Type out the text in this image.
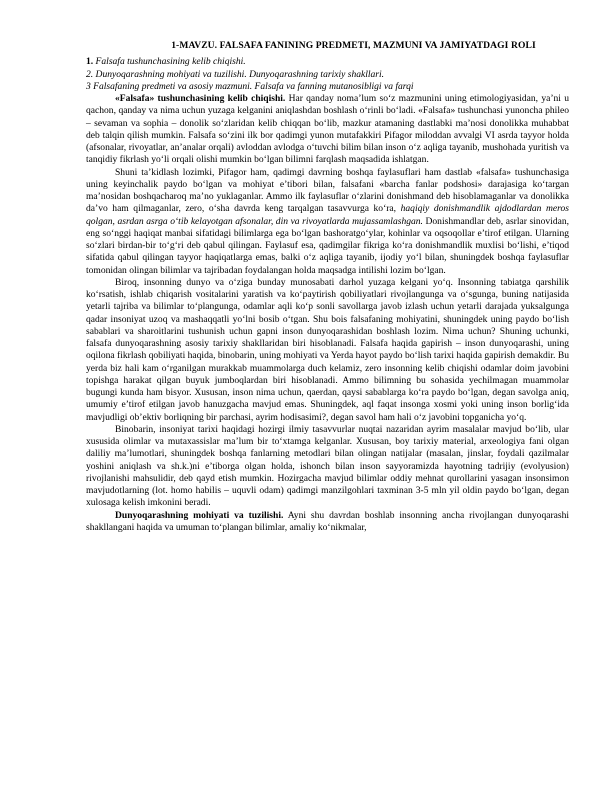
1-MAVZU. FALSAFA FANINING PREDMETI, MAZMUNI VA JAMIYATDAGI ROLI

1. Falsafa tushunchasining kelib chiqishi.

2. Dunyoqarashning mohiyati va tuzilishi. Dunyoqarashning tarixiy shakllari.

3 Falsafaning predmeti va asosiy mazmuni. Falsafa va fanning mutanosibligi va farqi

«Falsafa» tushunchasining kelib chiqishi. Har qanday noma’lum so‘z mazmunini uning etimologiyasidan, ya’ni u qachon, qanday va nima uchun yuzaga kelganini aniqlashdan boshlash o‘rinli bo‘ladi. «Falsafa» tushunchasi yunoncha phileo – sevaman va sophia – donolik so‘zlaridan kelib chiqqan bo‘lib, mazkur atamaning dastlabki ma’nosi donolikka muhabbat deb talqin qilish mumkin. Falsafa so‘zini ilk bor qadimgi yunon mutafakkiri Pifagor miloddan avvalgi VI asrda tayyor holda (afsonalar, rivoyatlar, an’analar orqali) avloddan avlodga o‘tuvchi bilim bilan inson o‘z aqliga tayanib, mushohada yuritish va tanqidiy fikrlash yo‘li orqali olishi mumkin bo‘lgan bilimni farqlash maqsadida ishlatgan.

Shuni ta’kidlash lozimki, Pifagor ham, qadimgi davrning boshqa faylasuflari ham dastlab «falsafa» tushunchasiga uning keyinchalik paydo bo‘lgan va mohiyat e’tibori bilan, falsafani «barcha fanlar podshosi» darajasiga ko‘targan ma’nosidan boshqacharoq ma’no yuklaganlar. Ammo ilk faylasuflar o‘zlarini donishmand deb hisoblamaganlar va donolikka da’vo ham qilmaganlar, zero, o‘sha davrda keng tarqalgan tasavvurga ko‘ra, haqiqiy donishmandlik ajdodlardan meros qolgan, asrdan asrga o‘tib kelayotgan afsonalar, din va rivoyatlarda mujassamlashgan. Donishmandlar deb, asrlar sinovidan, eng so‘nggi haqiqat manbai sifatidagi bilimlarga ega bo‘lgan bashoratgo‘ylar, kohinlar va oqsoqollar e’tirof etilgan. Ularning so‘zlari birdan-bir to‘g‘ri deb qabul qilingan. Faylasuf esa, qadimgilar fikriga ko‘ra donishmandlik muxlisi bo‘lishi, e’tiqod sifatida qabul qilingan tayyor haqiqatlarga emas, balki o‘z aqliga tayanib, ijodiy yo‘l bilan, shuningdek boshqa faylasuflar tomonidan olingan bilimlar va tajribadan foydalangan holda maqsadga intilishi lozim bo‘lgan.

Biroq, insonning dunyo va o‘ziga bunday munosabati darhol yuzaga kelgani yo‘q. Insonning tabiatga qarshilik ko‘rsatish, ishlab chiqarish vositalarini yaratish va ko‘paytirish qobiliyatlari rivojlangunga va o‘sgunga, buning natijasida yetarli tajriba va bilimlar to‘plangunga, odamlar aqli ko‘p sonli savollarga javob izlash uchun yetarli darajada yuksalgunga qadar insoniyat uzoq va mashaqqatli yo‘lni bosib o‘tgan. Shu bois falsafaning mohiyatini, shuningdek uning paydo bo‘lish sabablari va sharoitlarini tushunish uchun gapni inson dunyoqarashidan boshlash lozim. Nima uchun? Shuning uchunki, falsafa dunyoqarashning asosiy tarixiy shakllaridan biri hisoblanadi. Falsafa haqida gapirish – inson dunyoqarashi, uning oqilona fikrlash qobiliyati haqida, binobarin, uning mohiyati va Yerda hayot paydo bo‘lish tarixi haqida gapirish demakdir. Bu yerda biz hali kam o‘rganilgan murakkab muammolarga duch kelamiz, zero insonning kelib chiqishi odamlar doim javobini topishga harakat qilgan buyuk jumboqlardan biri hisoblanadi. Ammo bilimning bu sohasida yechilmagan muammolar bugungi kunda ham bisyor. Xususan, inson nima uchun, qaerdan, qaysi sabablarga ko‘ra paydo bo‘lgan, degan savolga aniq, umumiy e’tirof etilgan javob hanuzgacha mavjud emas. Shuningdek, aql faqat insonga xosmi yoki uning inson borlig‘ida mavjudligi ob’ektiv borliqning bir parchasi, ayrim hodisasimi?, degan savol ham hali o‘z javobini topganicha yo‘q.

Binobarin, insoniyat tarixi haqidagi hozirgi ilmiy tasavvurlar nuqtai nazaridan ayrim masalalar mavjud bo‘lib, ular xususida olimlar va mutaxassislar ma’lum bir to‘xtamga kelganlar. Xususan, boy tarixiy material, arxeologiya fani olgan daliliy ma’lumotlari, shuningdek boshqa fanlarning metodlari bilan olingan natijalar (masalan, jinslar, foydali qazilmalar yoshini aniqlash va sh.k.)ni e’tiborga olgan holda, ishonch bilan inson sayyoramizda hayotning tadrijiy (evolyusion) rivojlanishi mahsulidir, deb qayd etish mumkin. Hozirgacha mavjud bilimlar oddiy mehnat qurollarini yasagan insonsimon mavjudotlarning (lot. homo habilis – uquvli odam) qadimgi manzilgohlari taxminan 3-5 mln yil oldin paydo bo‘lgan, degan xulosaga kelish imkonini beradi.

Dunyoqarashning mohiyati va tuzilishi. Ayni shu davrdan boshlab insonning ancha rivojlangan dunyoqarashi shakllangani haqida va umuman to‘plangan bilimlar, amaliy ko‘nikmalar,
